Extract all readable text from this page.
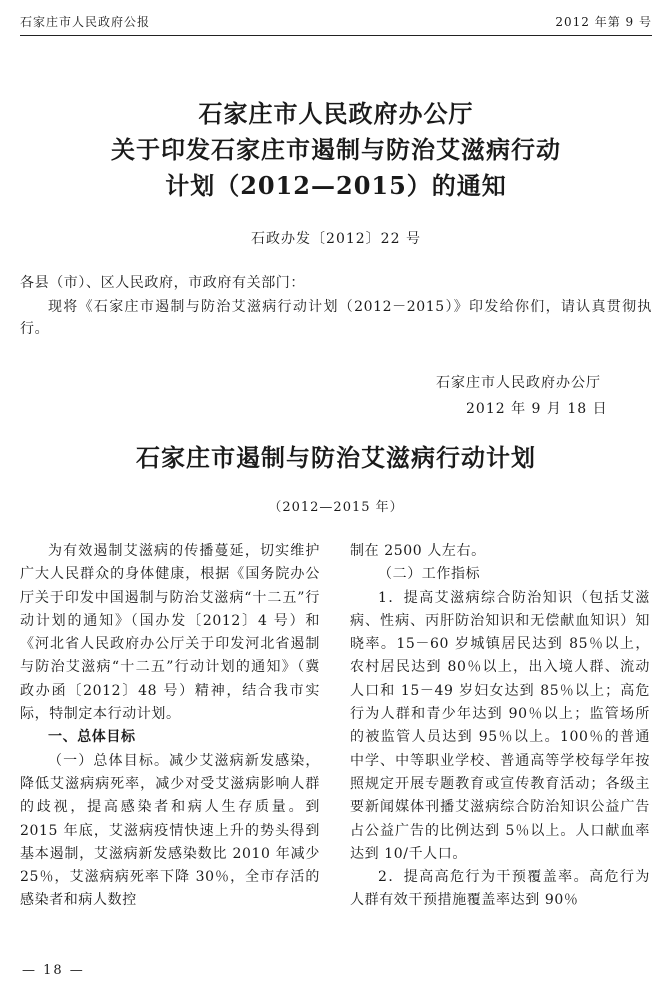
石家庄市人民政府公报	2012 年第 9 号
石家庄市人民政府办公厅
关于印发石家庄市遏制与防治艾滋病行动
计划（2012—2015）的通知
石政办发〔2012〕22 号
各县（市）、区人民政府，市政府有关部门：
现将《石家庄市遏制与防治艾滋病行动计划（2012－2015）》印发给你们，请认真贯彻执行。
石家庄市人民政府办公厅
2012 年 9 月 18 日
石家庄市遏制与防治艾滋病行动计划
（2012—2015 年）

为有效遏制艾滋病的传播蔓延，切实维护广大人民群众的身体健康，根据《国务院办公厅关于印发中国遏制与防治艾滋病“十二五”行动计划的通知》（国办发〔2012〕4 号）和《河北省人民政府办公厅关于印发河北省遏制与防治艾滋病“十二五”行动计划的通知》（冀政办函〔2012〕48 号）精神，结合我市实际，特制定本行动计划。

一、总体目标

（一）总体目标。减少艾滋病新发感染，降低艾滋病病死率，减少对受艾滋病影响人群的歧视，提高感染者和病人生存质量。到 2015 年底，艾滋病疫情快速上升的势头得到基本遏制，艾滋病新发感染数比 2010 年减少 25％，艾滋病病死率下降 30％，全市存活的感染者和病人数控

制在 2500 人左右。

（二）工作指标

1．提高艾滋病综合防治知识（包括艾滋病、性病、丙肝防治知识和无偿献血知识）知晓率。15－60 岁城镇居民达到 85％以上，农村居民达到 80％以上，出入境人群、流动人口和 15－49 岁妇女达到 85％以上；高危行为人群和青少年达到 90％以上；监管场所的被监管人员达到 95％以上。100％的普通中学、中等职业学校、普通高等学校每学年按照规定开展专题教育或宣传教育活动；各级主要新闻媒体刊播艾滋病综合防治知识公益广告占公益广告的比例达到 5％以上。人口献血率达到 10/千人口。

2．提高高危行为干预覆盖率。高危行为人群有效干预措施覆盖率达到 90％

— 18 —
